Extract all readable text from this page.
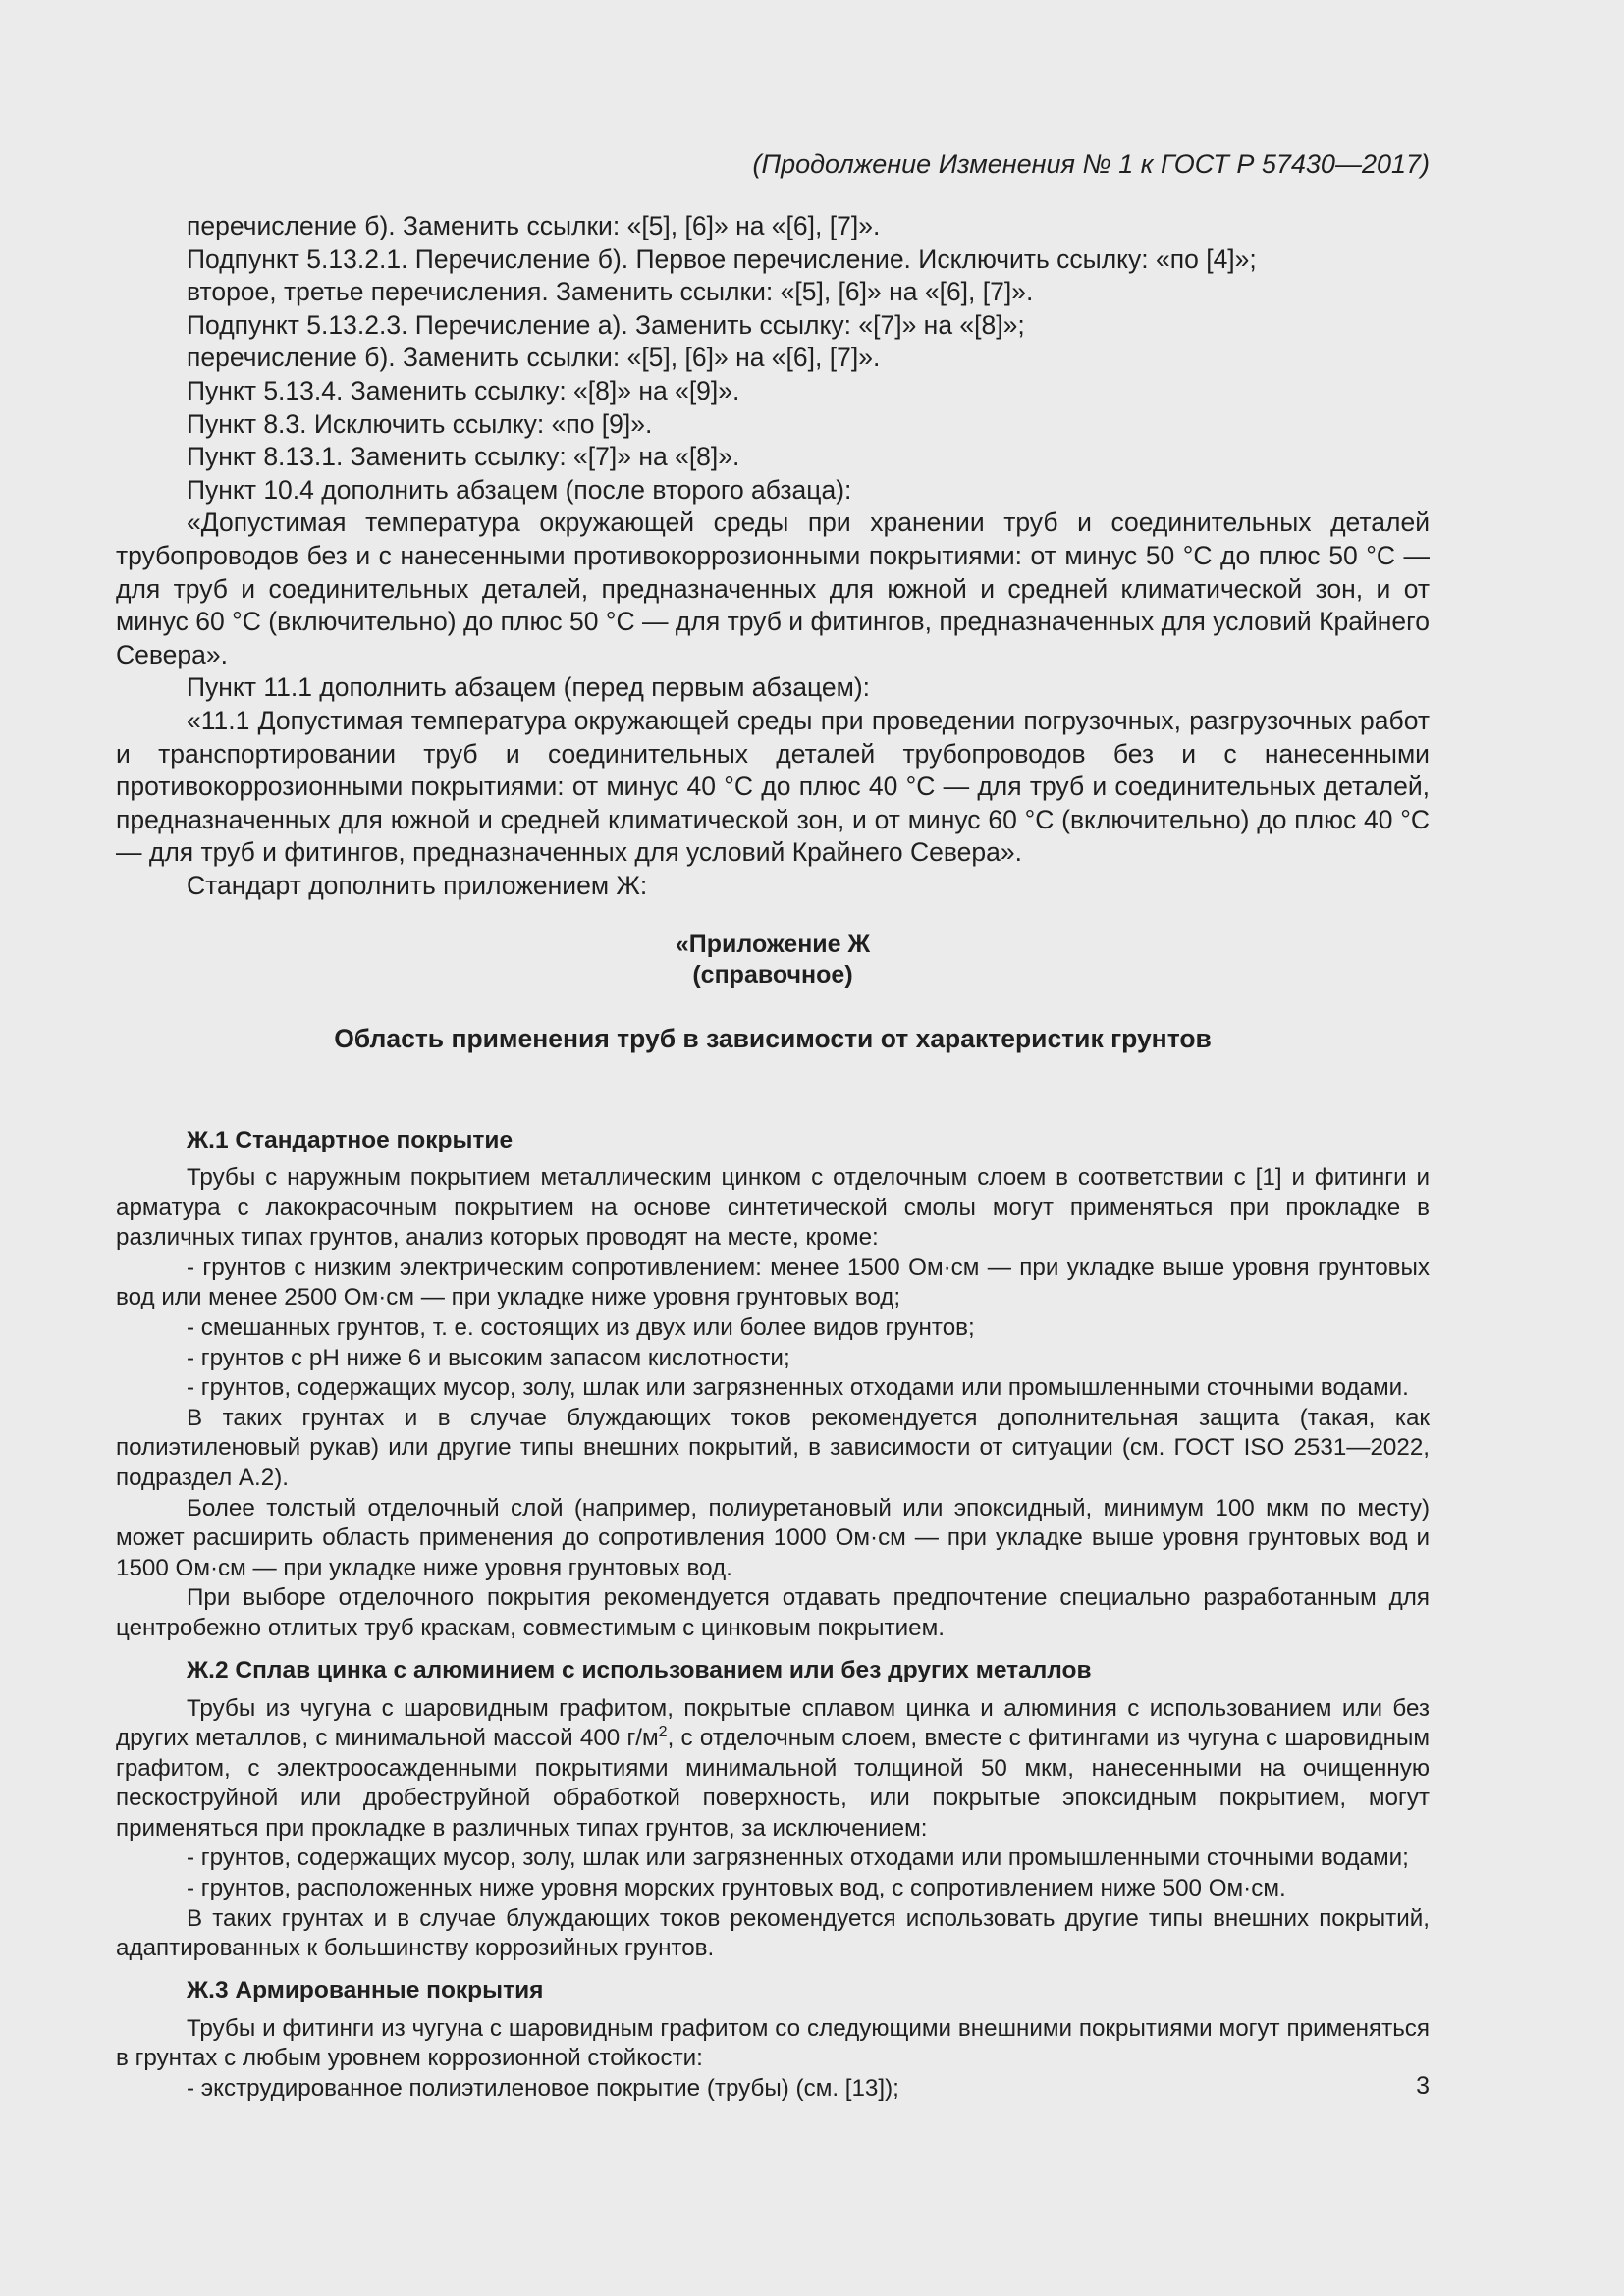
(Продолжение Изменения № 1 к ГОСТ Р 57430—2017)

перечисление б). Заменить ссылки: «[5], [6]» на «[6], [7]».

Подпункт 5.13.2.1. Перечисление б). Первое перечисление. Исключить ссылку: «по [4]»;

второе, третье перечисления. Заменить ссылки: «[5], [6]» на «[6], [7]».

Подпункт 5.13.2.3. Перечисление а). Заменить ссылку: «[7]» на «[8]»;

перечисление б). Заменить ссылки: «[5], [6]» на «[6], [7]».

Пункт 5.13.4. Заменить ссылку: «[8]» на «[9]».

Пункт 8.3. Исключить ссылку: «по [9]».

Пункт 8.13.1. Заменить ссылку: «[7]» на «[8]».

Пункт 10.4 дополнить абзацем (после второго абзаца):

«Допустимая температура окружающей среды при хранении труб и соединительных деталей трубопроводов без и с нанесенными противокоррозионными покрытиями: от минус 50 °С до плюс 50 °С — для труб и соединительных деталей, предназначенных для южной и средней климатической зон, и от минус 60 °С (включительно) до плюс 50 °С — для труб и фитингов, предназначенных для условий Крайнего Севера».

Пункт 11.1 дополнить абзацем (перед первым абзацем):

«11.1 Допустимая температура окружающей среды при проведении погрузочных, разгрузочных работ и транспортировании труб и соединительных деталей трубопроводов без и с нанесенными противокоррозионными покрытиями: от минус 40 °С до плюс 40 °С — для труб и соединительных деталей, предназначенных для южной и средней климатической зон, и от минус 60 °С (включительно) до плюс 40 °С — для труб и фитингов, предназначенных для условий Крайнего Севера».

Стандарт дополнить приложением Ж:

«Приложение Ж

(справочное)

Область применения труб в зависимости от характеристик грунтов

Ж.1 Стандартное покрытие

Трубы с наружным покрытием металлическим цинком с отделочным слоем в соответствии с [1] и фитинги и арматура с лакокрасочным покрытием на основе синтетической смолы могут применяться при прокладке в различных типах грунтов, анализ которых проводят на месте, кроме:

- грунтов с низким электрическим сопротивлением: менее 1500 Ом·см — при укладке выше уровня грунтовых вод или менее 2500 Ом·см — при укладке ниже уровня грунтовых вод;

- смешанных грунтов, т. е. состоящих из двух или более видов грунтов;

- грунтов с рН ниже 6 и высоким запасом кислотности;

- грунтов, содержащих мусор, золу, шлак или загрязненных отходами или промышленными сточными водами.

В таких грунтах и в случае блуждающих токов рекомендуется дополнительная защита (такая, как полиэтиленовый рукав) или другие типы внешних покрытий, в зависимости от ситуации (см. ГОСТ ISO 2531—2022, подраздел А.2).

Более толстый отделочный слой (например, полиуретановый или эпоксидный, минимум 100 мкм по месту) может расширить область применения до сопротивления 1000 Ом·см — при укладке выше уровня грунтовых вод и 1500 Ом·см — при укладке ниже уровня грунтовых вод.

При выборе отделочного покрытия рекомендуется отдавать предпочтение специально разработанным для центробежно отлитых труб краскам, совместимым с цинковым покрытием.

Ж.2 Сплав цинка с алюминием с использованием или без других металлов

Трубы из чугуна с шаровидным графитом, покрытые сплавом цинка и алюминия с использованием или без других металлов, с минимальной массой 400 $г/м^2$, с отделочным слоем, вместе с фитингами из чугуна с шаровидным графитом, с электроосажденными покрытиями минимальной толщиной 50 мкм, нанесенными на очищенную пескоструйной или дробеструйной обработкой поверхность, или покрытые эпоксидным покрытием, могут применяться при прокладке в различных типах грунтов, за исключением:

- грунтов, содержащих мусор, золу, шлак или загрязненных отходами или промышленными сточными водами;

- грунтов, расположенных ниже уровня морских грунтовых вод, с сопротивлением ниже 500 Ом·см.

В таких грунтах и в случае блуждающих токов рекомендуется использовать другие типы внешних покрытий, адаптированных к большинству коррозийных грунтов.

Ж.3 Армированные покрытия

Трубы и фитинги из чугуна с шаровидным графитом со следующими внешними покрытиями могут применяться в грунтах с любым уровнем коррозионной стойкости:

- экструдированное полиэтиленовое покрытие (трубы) (см. [13]);	3
